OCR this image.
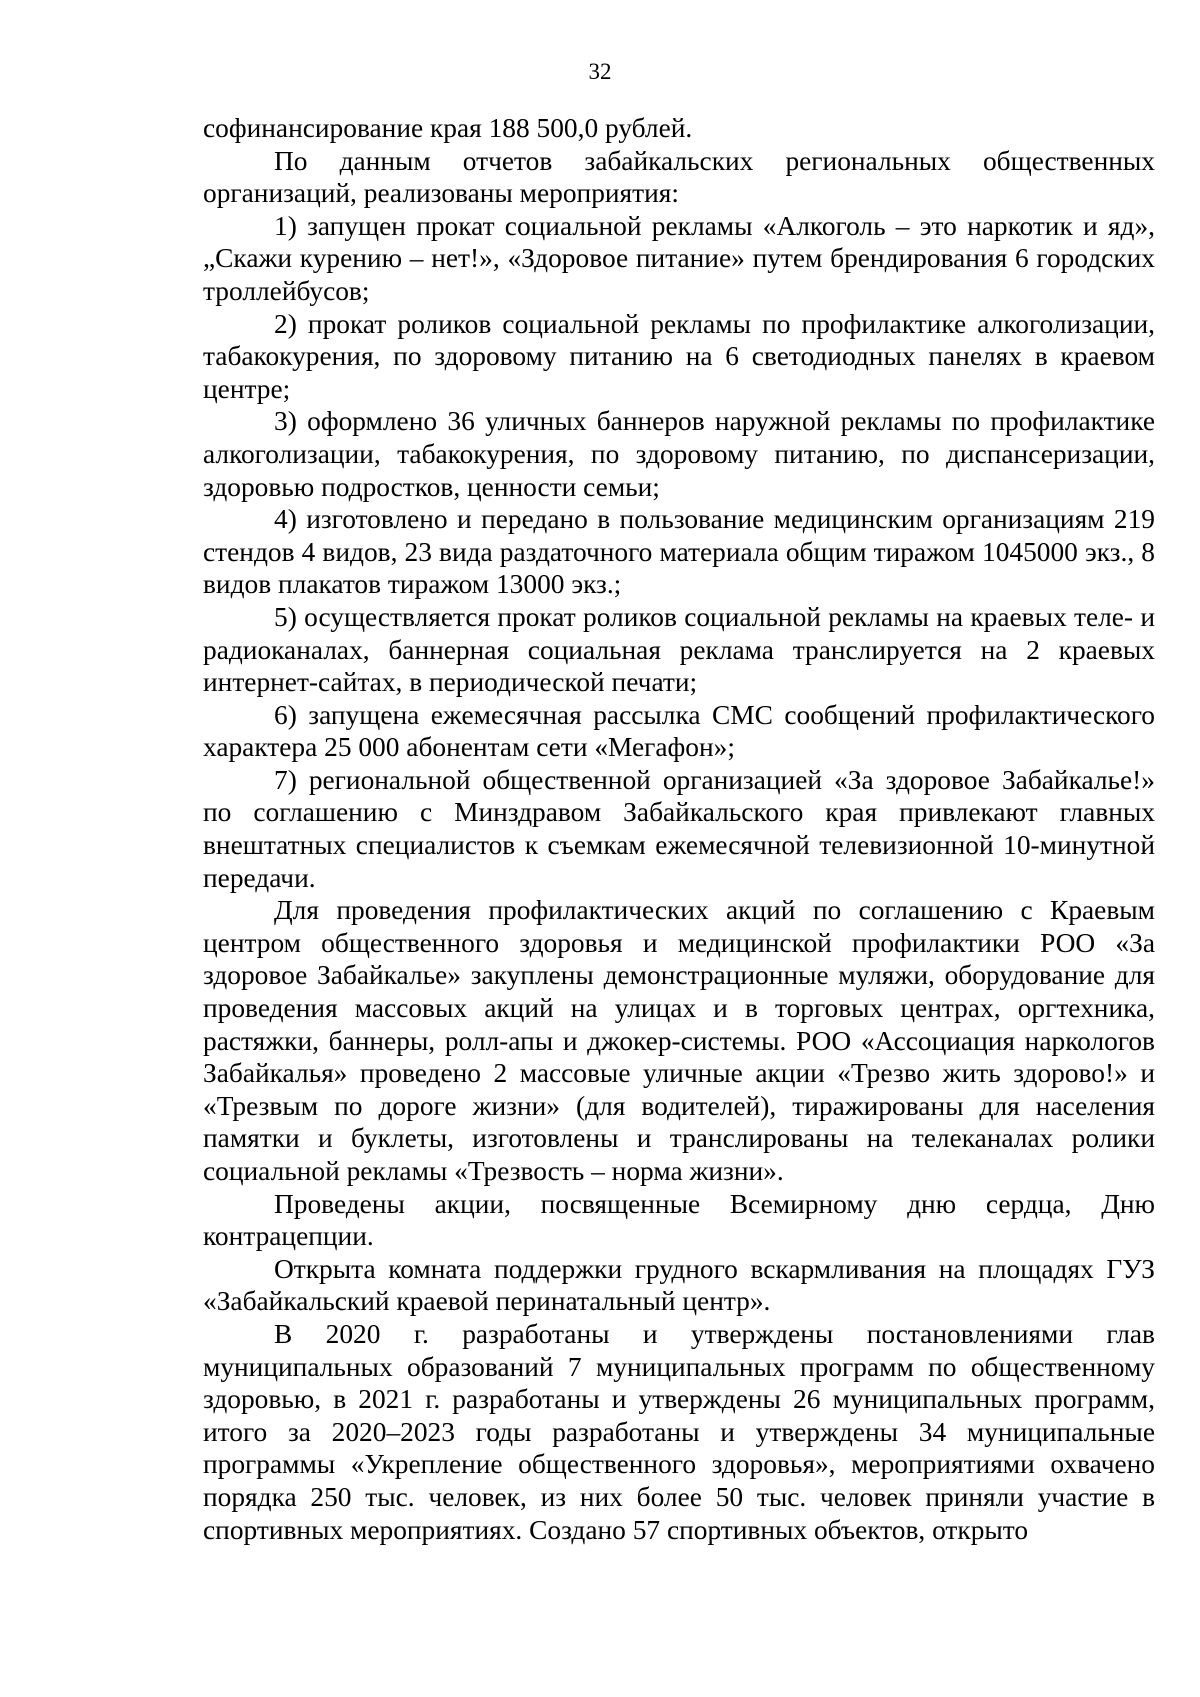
32

софинансирование края 188 500,0 рублей.

По данным отчетов забайкальских региональных общественных организаций, реализованы мероприятия:

1) запущен прокат социальной рекламы «Алкоголь – это наркотик и яд», „Скажи курению – нет!», «Здоровое питание» путем брендирования 6 городских троллейбусов;

2) прокат роликов социальной рекламы по профилактике алкоголизации, табакокурения, по здоровому питанию на 6 светодиодных панелях в краевом центре;

3) оформлено 36 уличных баннеров наружной рекламы по профилактике алкоголизации, табакокурения, по здоровому питанию, по диспансеризации, здоровью подростков, ценности семьи;

4) изготовлено и передано в пользование медицинским организациям 219 стендов 4 видов, 23 вида раздаточного материала общим тиражом 1045000 экз., 8 видов плакатов тиражом 13000 экз.;

5) осуществляется прокат роликов социальной рекламы на краевых теле- и радиоканалах, баннерная социальная реклама транслируется на 2 краевых интернет-сайтах, в периодической печати;

6) запущена ежемесячная рассылка СМС сообщений профилактического характера 25 000 абонентам сети «Мегафон»;

7) региональной общественной организацией «За здоровое Забайкалье!» по соглашению с Минздравом Забайкальского края привлекают главных внештатных специалистов к съемкам ежемесячной телевизионной 10-минутной передачи.

Для проведения профилактических акций по соглашению с Краевым центром общественного здоровья и медицинской профилактики РОО «За здоровое Забайкалье» закуплены демонстрационные муляжи, оборудование для проведения массовых акций на улицах и в торговых центрах, оргтехника, растяжки, баннеры, ролл-апы и джокер-системы. РОО «Ассоциация наркологов Забайкалья» проведено 2 массовые уличные акции «Трезво жить здорово!» и «Трезвым по дороге жизни» (для водителей), тиражированы для населения памятки и буклеты, изготовлены и транслированы на телеканалах ролики социальной рекламы «Трезвость – норма жизни».

Проведены акции, посвященные Всемирному дню сердца, Дню контрацепции.

Открыта комната поддержки грудного вскармливания на площадях ГУЗ «Забайкальский краевой перинатальный центр».

В 2020 г. разработаны и утверждены постановлениями глав муниципальных образований 7 муниципальных программ по общественному здоровью, в 2021 г. разработаны и утверждены 26 муниципальных программ, итого за 2020–2023 годы разработаны и утверждены 34 муниципальные программы «Укрепление общественного здоровья», мероприятиями охвачено порядка 250 тыс. человек, из них более 50 тыс. человек приняли участие в спортивных мероприятиях. Создано 57 спортивных объектов, открыто
